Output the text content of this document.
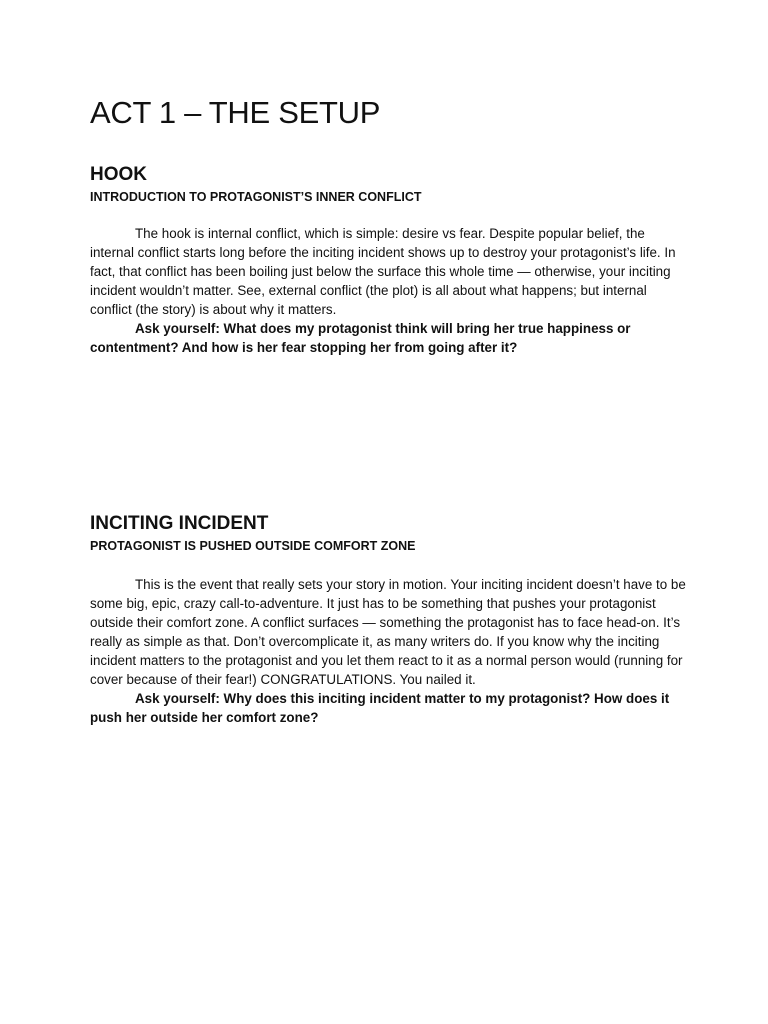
ACT 1 – THE SETUP
HOOK
INTRODUCTION TO PROTAGONIST’S INNER CONFLICT

The hook is internal conflict, which is simple: desire vs fear. Despite popular belief, the internal conflict starts long before the inciting incident shows up to destroy your protagonist’s life. In fact, that conflict has been boiling just below the surface this whole time — otherwise, your inciting incident wouldn’t matter. See, external conflict (the plot) is all about what happens; but internal conflict (the story) is about why it matters.

Ask yourself: What does my protagonist think will bring her true happiness or contentment? And how is her fear stopping her from going after it?

INCITING INCIDENT
PROTAGONIST IS PUSHED OUTSIDE COMFORT ZONE

This is the event that really sets your story in motion. Your inciting incident doesn’t have to be some big, epic, crazy call-to-adventure. It just has to be something that pushes your protagonist outside their comfort zone. A conflict surfaces — something the protagonist has to face head-on. It’s really as simple as that. Don’t overcomplicate it, as many writers do. If you know why the inciting incident matters to the protagonist and you let them react to it as a normal person would (running for cover because of their fear!) CONGRATULATIONS. You nailed it.

Ask yourself: Why does this inciting incident matter to my protagonist? How does it push her outside her comfort zone?
